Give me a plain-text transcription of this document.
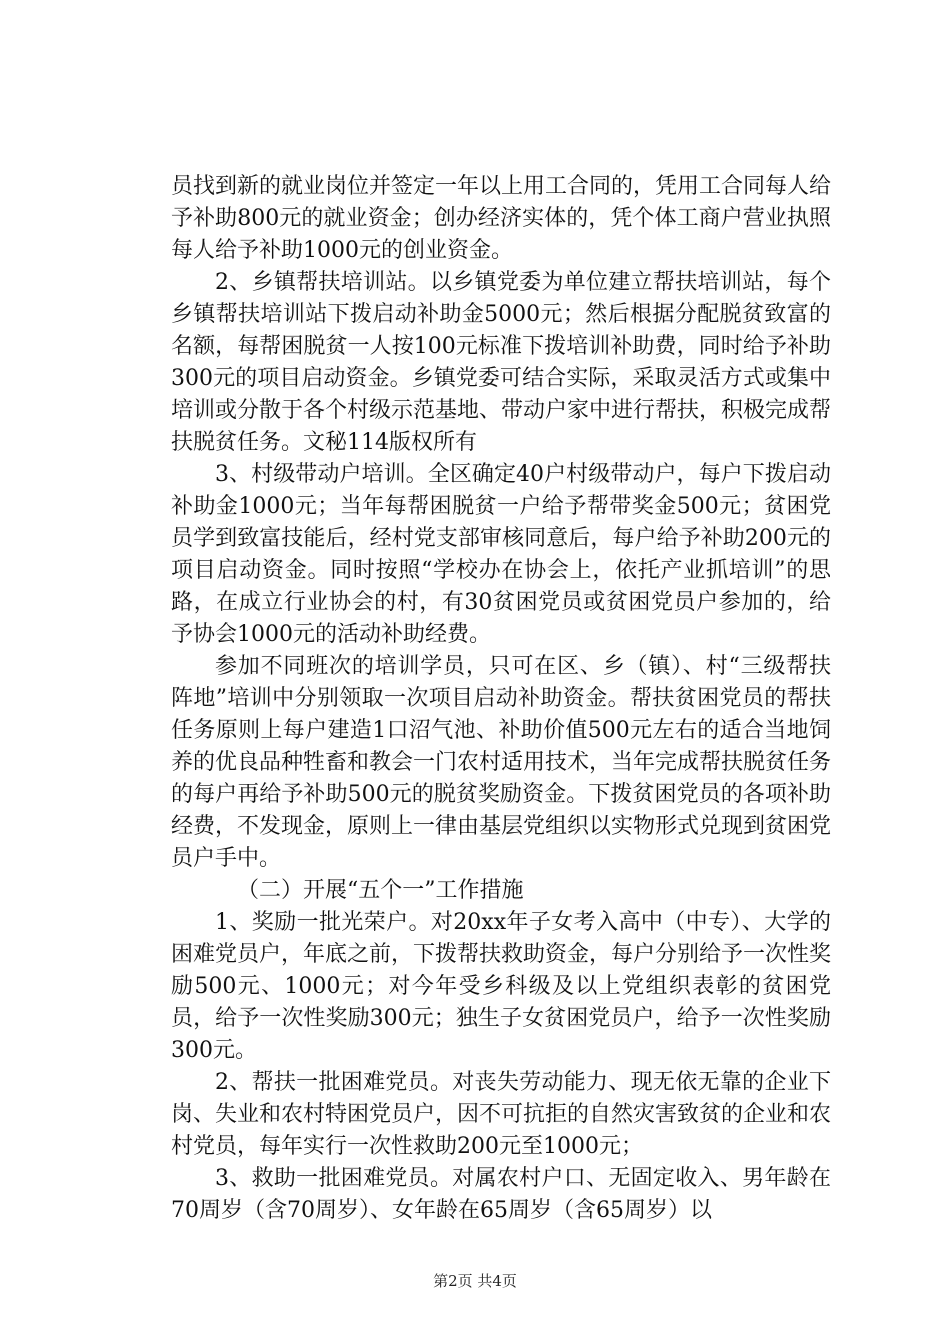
员找到新的就业岗位并签定一年以上用工合同的，凭用工合同每人给予补助800元的就业资金；创办经济实体的，凭个体工商户营业执照每人给予补助1000元的创业资金。

2、乡镇帮扶培训站。以乡镇党委为单位建立帮扶培训站，每个乡镇帮扶培训站下拨启动补助金5000元；然后根据分配脱贫致富的名额，每帮困脱贫一人按100元标准下拨培训补助费，同时给予补助300元的项目启动资金。乡镇党委可结合实际，采取灵活方式或集中培训或分散于各个村级示范基地、带动户家中进行帮扶，积极完成帮扶脱贫任务。文秘114版权所有

3、村级带动户培训。全区确定40户村级带动户，每户下拨启动补助金1000元；当年每帮困脱贫一户给予帮带奖金500元；贫困党员学到致富技能后，经村党支部审核同意后，每户给予补助200元的项目启动资金。同时按照“学校办在协会上，依托产业抓培训”的思路，在成立行业协会的村，有30贫困党员或贫困党员户参加的，给予协会1000元的活动补助经费。

参加不同班次的培训学员，只可在区、乡（镇）、村“三级帮扶阵地”培训中分别领取一次项目启动补助资金。帮扶贫困党员的帮扶任务原则上每户建造1口沼气池、补助价值500元左右的适合当地饲养的优良品种牲畜和教会一门农村适用技术，当年完成帮扶脱贫任务的每户再给予补助500元的脱贫奖励资金。下拨贫困党员的各项补助经费，不发现金，原则上一律由基层党组织以实物形式兑现到贫困党员户手中。

（二）开展“五个一”工作措施

1、奖励一批光荣户。对20xx年子女考入高中（中专）、大学的困难党员户，年底之前，下拨帮扶救助资金，每户分别给予一次性奖励500元、1000元；对今年受乡科级及以上党组织表彰的贫困党员，给予一次性奖励300元；独生子女贫困党员户，给予一次性奖励300元。

2、帮扶一批困难党员。对丧失劳动能力、现无依无靠的企业下岗、失业和农村特困党员户，因不可抗拒的自然灾害致贫的企业和农村党员，每年实行一次性救助200元至1000元；

3、救助一批困难党员。对属农村户口、无固定收入、男年龄在70周岁（含70周岁）、女年龄在65周岁（含65周岁）以

第2页 共4页
